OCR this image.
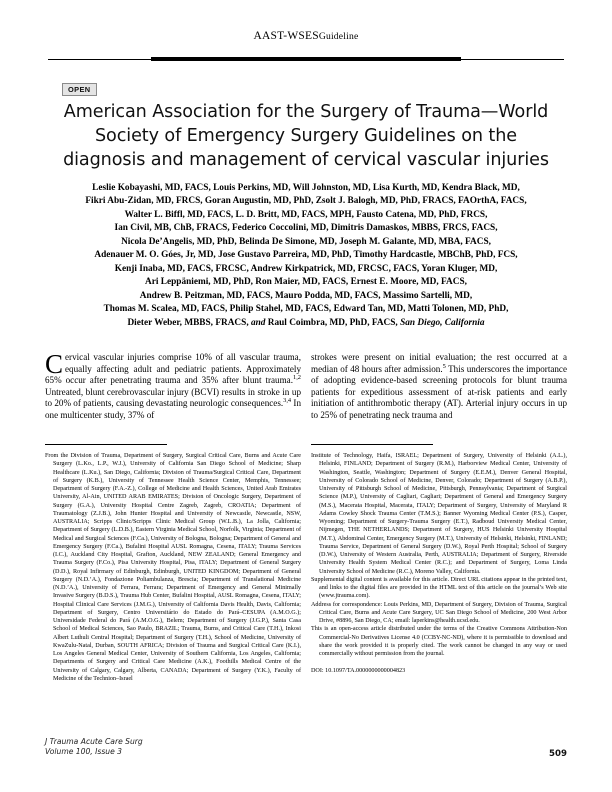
AAST-WSESGuideline
OPEN
American Association for the Surgery of Trauma—World Society of Emergency Surgery Guidelines on the diagnosis and management of cervical vascular injuries
Leslie Kobayashi, MD, FACS, Louis Perkins, MD, Will Johnston, MD, Lisa Kurth, MD, Kendra Black, MD,
Fikri Abu-Zidan, MD, FRCS, Goran Augustin, MD, PhD, Zsolt J. Balogh, MD, PhD, FRACS, FAOrthA, FACS,
Walter L. Biffl, MD, FACS, L. D. Britt, MD, FACS, MPH, Fausto Catena, MD, PhD, FRCS,
Ian Civil, MB, ChB, FRACS, Federico Coccolini, MD, Dimitris Damaskos, MBBS, FRCS, FACS,
Nicola De’Angelis, MD, PhD, Belinda De Simone, MD, Joseph M. Galante, MD, MBA, FACS,
Adenauer M. O. Góes, Jr, MD, Jose Gustavo Parreira, MD, PhD, Timothy Hardcastle, MBChB, PhD, FCS,
Kenji Inaba, MD, FACS, FRCSC, Andrew Kirkpatrick, MD, FRCSC, FACS, Yoran Kluger, MD,
Ari Leppäniemi, MD, PhD, Ron Maier, MD, FACS, Ernest E. Moore, MD, FACS,
Andrew B. Peitzman, MD, FACS, Mauro Podda, MD, FACS, Massimo Sartelli, MD,
Thomas M. Scalea, MD, FACS, Philip Stahel, MD, FACS, Edward Tan, MD, Matti Tolonen, MD, PhD,
Dieter Weber, MBBS, FRACS, and Raul Coimbra, MD, PhD, FACS, San Diego, California
Cervical vascular injuries comprise 10% of all vascular trauma, equally affecting adult and pediatric patients. Approximately 65% occur after penetrating trauma and 35% after blunt trauma.$^{1,2}$ Untreated, blunt cerebrovascular injury (BCVI) results in stroke in up to 20% of patients, causing devastating neurologic consequences.$^{3,4}$ In one multicenter study, 37% of
strokes were present on initial evaluation; the rest occurred at a median of 48 hours after admission.$^5$ This underscores the importance of adopting evidence-based screening protocols for blunt trauma patients for expeditious assessment of at-risk patients and early initiation of antithrombotic therapy (AT). Arterial injury occurs in up to 25% of penetrating neck trauma and

From the Division of Trauma, Department of Surgery, Surgical Critical Care, Burns and Acute Care Surgery (L.Ko., L.P., W.J.), University of California San Diego School of Medicine; Sharp Healthcare (L.Ku.), San Diego, California; Division of Trauma/Surgical Critical Care, Department of Surgery (K.B.), University of Tennessee Health Science Center, Memphis, Tennessee; Department of Surgery (F.A.-Z.), College of Medicine and Health Sciences, United Arab Emirates University, Al-Ain, UNITED ARAB EMIRATES; Division of Oncologic Surgery, Department of Surgery (G.A.), University Hospital Centre Zagreb, Zagreb, CROATIA; Department of Traumatology (Z.J.B.), John Hunter Hospital and University of Newcastle, Newcastle, NSW, AUSTRALIA; Scripps Clinic/Scripps Clinic Medical Group (W.L.B.), La Jolla, California; Department of Surgery (L.D.B.), Eastern Virginia Medical School, Norfolk, Virginia; Department of Medical and Surgical Sciences (F.Ca.), University of Bologna, Bologna; Department of General and Emergency Surgery (F.Ca.), Bufalini Hospital AUSL Romagna, Cesena, ITALY; Trauma Services (I.C.), Auckland City Hospital, Grafton, Auckland, NEW ZEALAND; General Emergency and Trauma Surgery (F.Co.), Pisa University Hospital, Pisa, ITALY; Department of General Surgery (D.D.), Royal Infirmary of Edinburgh, Edinburgh, UNITED KINGDOM; Department of General Surgery (N.D.’A.), Fondazione Poliambulanza, Brescia; Department of Translational Medicine (N.D.’A.), University of Ferrara, Ferrara; Department of Emergency and General Minimally Invasive Surgery (B.D.S.), Trauma Hub Center, Bufalini Hospital, AUSL Romagna, Cesena, ITALY; Hospital Clinical Care Services (J.M.G.), University of California Davis Health, Davis, California; Department of Surgery, Centro Universitário do Estado do Pará–CESUPA (A.M.O.G.); Universidade Federal do Pará (A.M.O.G.), Belem; Department of Surgery (J.G.P.), Santa Casa School of Medical Sciences, Sao Paulo, BRAZIL; Trauma, Burns, and Critical Care (T.H.), Inkosi Albert Luthuli Central Hospital; Department of Surgery (T.H.), School of Medicine, University of KwaZulu-Natal, Durban, SOUTH AFRICA; Division of Trauma and Surgical Critical Care (K.I.), Los Angeles General Medical Center, University of Southern California, Los Angeles, California; Departments of Surgery and Critical Care Medicine (A.K.), Foothills Medical Centre of the University of Calgary, Calgary, Alberta, CANADA; Department of Surgery (Y.K.), Faculty of Medicine of the Technion–Israel

Institute of Technology, Haifa, ISRAEL; Department of Surgery, University of Helsinki (A.L.), Helsinki, FINLAND; Department of Surgery (R.M.), Harborview Medical Center, University of Washington, Seattle, Washington; Department of Surgery (E.E.M.), Denver General Hospital, University of Colorado School of Medicine, Denver, Colorado; Department of Surgery (A.B.P.), University of Pittsburgh School of Medicine, Pittsburgh, Pennsylvania; Department of Surgical Science (M.P.), University of Cagliari, Cagliari; Department of General and Emergency Surgery (M.S.), Macerata Hospital, Macerata, ITALY; Department of Surgery, University of Maryland R Adams Cowley Shock Trauma Center (T.M.S.); Banner Wyoming Medical Center (P.S.), Casper, Wyoming; Department of Surgery-Trauma Surgery (E.T.), Radboud University Medical Center, Nijmegen, THE NETHERLANDS; Department of Surgery, HUS Helsinki University Hospital (M.T.), Abdominal Center, Emergency Surgery (M.T.), University of Helsinki, Helsinki, FINLAND; Trauma Service, Department of General Surgery (D.W.), Royal Perth Hospital; School of Surgery (D.W.), University of Western Australia, Perth, AUSTRALIA; Department of Surgery, Riverside University Health System Medical Center (R.C.); and Department of Surgery, Loma Linda University School of Medicine (R.C.), Moreno Valley, California.

Supplemental digital content is available for this article. Direct URL citations appear in the printed text, and links to the digital files are provided in the HTML text of this article on the journal’s Web site (www.jtrauma.com).

Address for correspondence: Louis Perkins, MD, Department of Surgery, Division of Trauma, Surgical Critical Care, Burns and Acute Care Surgery, UC San Diego School of Medicine, 200 West Arbor Drive, #8896, San Diego, CA; email: laperkins@health.ucsd.edu.

This is an open-access article distributed under the terms of the Creative Commons Attribution-Non Commercial-No Derivatives License 4.0 (CCBY-NC-ND), where it is permissible to download and share the work provided it is properly cited. The work cannot be changed in any way or used commercially without permission from the journal.

DOI: 10.1097/TA.0000000000004823

J Trauma Acute Care Surg
Volume 100, Issue 3	509
